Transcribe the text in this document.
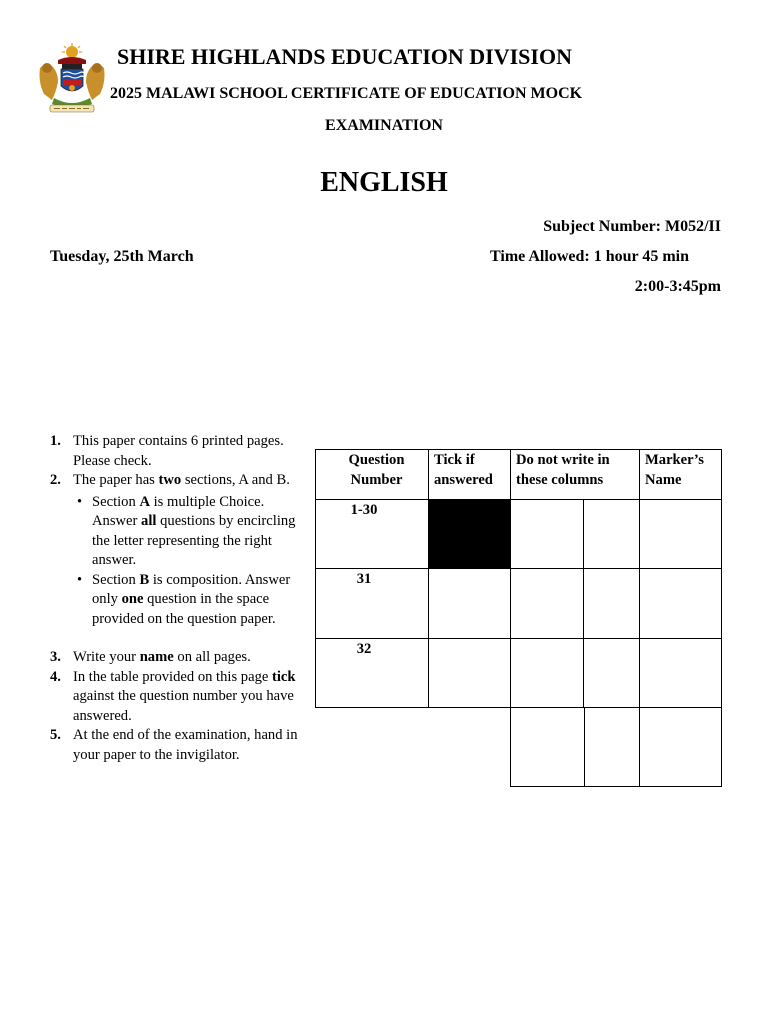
SHIRE HIGHLANDS EDUCATION DIVISION
2025 MALAWI SCHOOL CERTIFICATE OF EDUCATION MOCK
EXAMINATION
ENGLISH
Subject Number: M052/II
Tuesday, 25th March	Time Allowed: 1 hour 45 min
2:00-3:45pm
1. This paper contains 6 printed pages. Please check.
2. The paper has two sections, A and B.
• Section A is multiple Choice. Answer all questions by encircling the letter representing the right answer.
• Section B is composition. Answer only one question in the space provided on the question paper.
3. Write your name on all pages.
4. In the table provided on this page tick against the question number you have answered.
5. At the end of the examination, hand in your paper to the invigilator.
Question Number	Tick if answered	Do not write in these columns		Marker’s Name
1-30				
31				
32				
